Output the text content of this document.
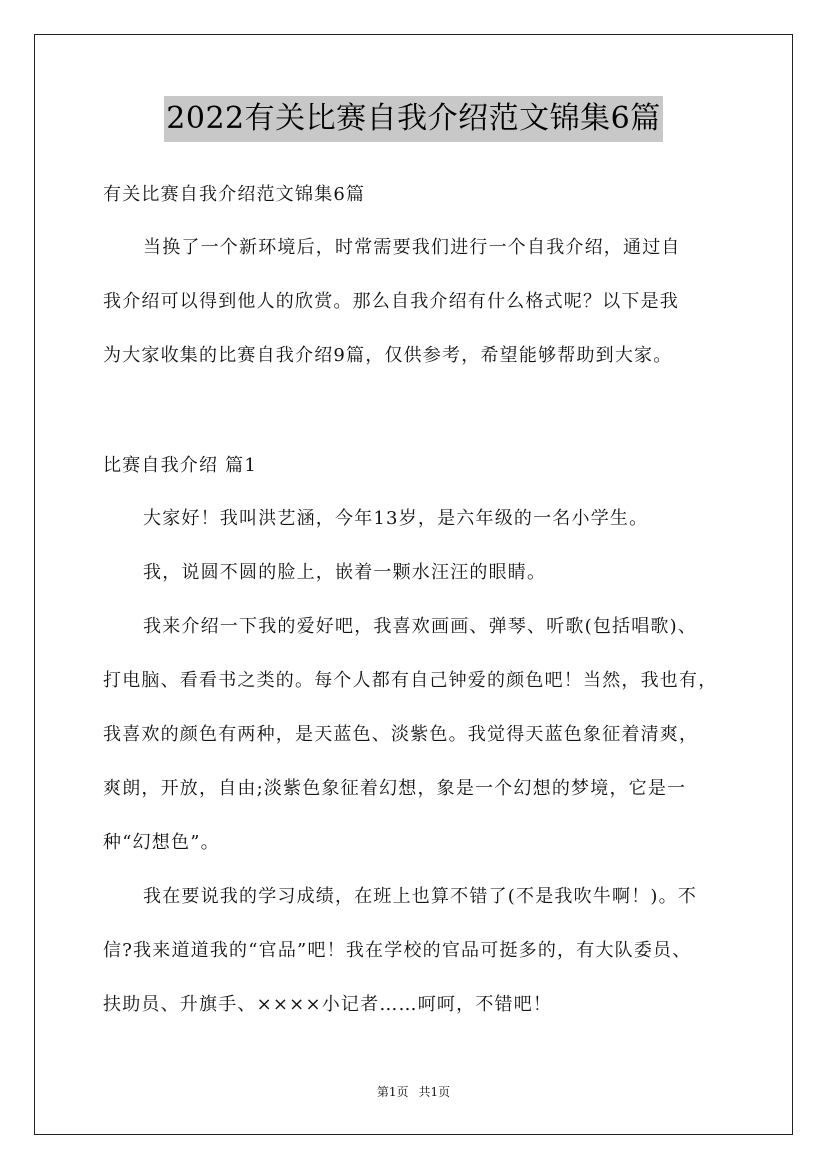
2022有关比赛自我介绍范文锦集6篇
有关比赛自我介绍范文锦集6篇
当换了一个新环境后，时常需要我们进行一个自我介绍，通过自
我介绍可以得到他人的欣赏。那么自我介绍有什么格式呢？以下是我
为大家收集的比赛自我介绍9篇，仅供参考，希望能够帮助到大家。
比赛自我介绍 篇1
大家好！我叫洪艺涵，今年13岁，是六年级的一名小学生。
我，说圆不圆的脸上，嵌着一颗水汪汪的眼睛。
我来介绍一下我的爱好吧，我喜欢画画、弹琴、听歌(包括唱歌)、
打电脑、看看书之类的。每个人都有自己钟爱的颜色吧！当然，我也有，
我喜欢的颜色有两种，是天蓝色、淡紫色。我觉得天蓝色象征着清爽，
爽朗，开放，自由;淡紫色象征着幻想，象是一个幻想的梦境，它是一
种“幻想色”。
我在要说我的学习成绩，在班上也算不错了(不是我吹牛啊！)。不
信?我来道道我的“官品”吧！我在学校的官品可挺多的，有大队委员、
扶助员、升旗手、××××小记者……呵呵，不错吧！
第1页 共1页
